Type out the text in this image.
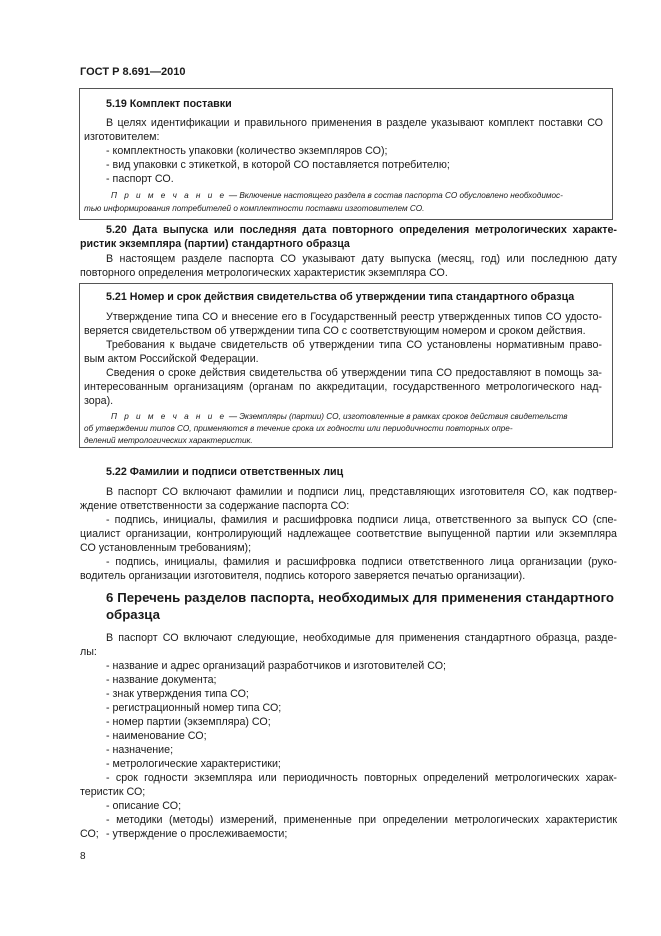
ГОСТ Р 8.691—2010
5.19 Комплект поставки
В целях идентификации и правильного применения в разделе указывают комплект поставки СО
изготовителем:
- комплектность упаковки (количество экземпляров СО);
- вид упаковки с этикеткой, в которой СО поставляется потребителю;
- паспорт СО.
П р и м е ч а н и е — Включение настоящего раздела в состав паспорта СО обусловлено необходимос-
тью информирования потребителей о комплектности поставки изготовителем СО.
5.20 Дата выпуска или последняя дата повторного определения метрологических характе-
ристик экземпляра (партии) стандартного образца
В настоящем разделе паспорта СО указывают дату выпуска (месяц, год) или последнюю дату
повторного определения метрологических характеристик экземпляра СО.
5.21 Номер и срок действия свидетельства об утверждении типа стандартного образца
Утверждение типа СО и внесение его в Государственный реестр утвержденных типов СО удосто-
веряется свидетельством об утверждении типа СО с соответствующим номером и сроком действия.
Требования к выдаче свидетельств об утверждении типа СО установлены нормативным право-
вым актом Российской Федерации.
Сведения о сроке действия свидетельства об утверждении типа СО предоставляют в помощь за-
интересованным организациям (органам по аккредитации, государственного метрологического над-
зора).
П р и м е ч а н и е — Экземпляры (партии) СО, изготовленные в рамках сроков действия свидетельств
об утверждении типов СО, применяются в течение срока их годности или периодичности повторных опре-
делений метрологических характеристик.
5.22 Фамилии и подписи ответственных лиц
В паспорт СО включают фамилии и подписи лиц, представляющих изготовителя СО, как подтвер-
ждение ответственности за содержание паспорта СО:
- подпись, инициалы, фамилия и расшифровка подписи лица, ответственного за выпуск СО (спе-
циалист организации, контролирующий надлежащее соответствие выпущенной партии или экземпляра
СО установленным требованиям);
- подпись, инициалы, фамилия и расшифровка подписи ответственного лица организации (руко-
водитель организации изготовителя, подпись которого заверяется печатью организации).
6 Перечень разделов паспорта, необходимых для применения стандартного
образца
В паспорт СО включают следующие, необходимые для применения стандартного образца, разде-
лы:
- название и адрес организаций разработчиков и изготовителей СО;
- название документа;
- знак утверждения типа СО;
- регистрационный номер типа СО;
- номер партии (экземпляра) СО;
- наименование СО;
- назначение;
- метрологические характеристики;
- срок годности экземпляра или периодичность повторных определений метрологических харак-
теристик СО;
- описание СО;
- методики (методы) измерений, примененные при определении метрологических характеристик
СО; - утверждение о прослеживаемости;
8
